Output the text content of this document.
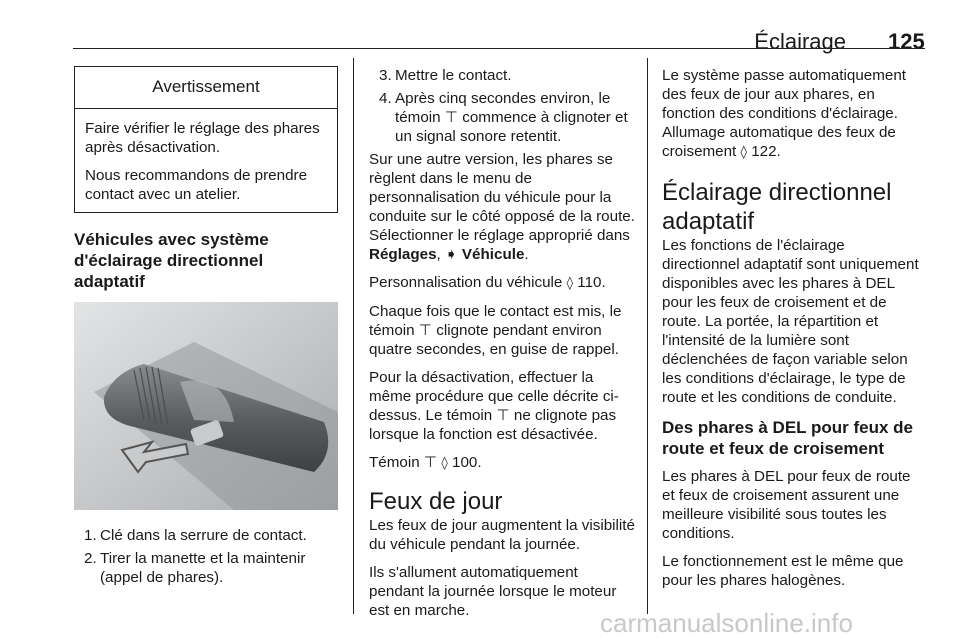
Éclairage 125
Avertissement

Faire vérifier le réglage des phares après désactivation.

Nous recommandons de prendre contact avec un atelier.

Véhicules avec système
d'éclairage directionnel adaptatif
1. Clé dans la serrure de contact.
2. Tirer la manette et la maintenir (appel de phares).
3. Mettre le contact.
4. Après cinq secondes environ, le témoin ⊤ commence à clignoter et un signal sonore retentit.

Sur une autre version, les phares se règlent dans le menu de personnalisation du véhicule pour la conduite sur le côté opposé de la route. Sélectionner le réglage approprié dans Réglages, ➧ Véhicule.

Personnalisation du véhicule ◊ 110.

Chaque fois que le contact est mis, le témoin ⊤ clignote pendant environ quatre secondes, en guise de rappel.

Pour la désactivation, effectuer la même procédure que celle décrite ci-dessus. Le témoin ⊤ ne clignote pas lorsque la fonction est désactivée.

Témoin ⊤ ◊ 100.

Feux de jour

Les feux de jour augmentent la visibilité du véhicule pendant la journée.

Ils s'allument automatiquement pendant la journée lorsque le moteur est en marche.

Le système passe automatiquement des feux de jour aux phares, en fonction des conditions d'éclairage. Allumage automatique des feux de croisement ◊ 122.

Éclairage directionnel
adaptatif

Les fonctions de l'éclairage directionnel adaptatif sont uniquement disponibles avec les phares à DEL pour les feux de croisement et de route. La portée, la répartition et l'intensité de la lumière sont déclenchées de façon variable selon les conditions d'éclairage, le type de route et les conditions de conduite.

Des phares à DEL pour feux de route et feux de croisement

Les phares à DEL pour feux de route et feux de croisement assurent une meilleure visibilité sous toutes les conditions.

Le fonctionnement est le même que pour les phares halogènes.

carmanualsonline.info
